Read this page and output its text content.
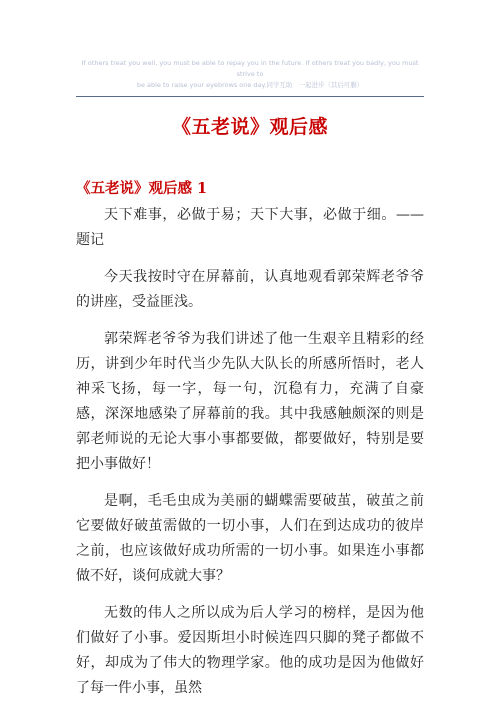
If others treat you well, you must be able to repay you in the future. If others treat you badly, you must strive to
be able to raise your eyebrows one day.同学互助　一起进步（其后可删）
《五老说》观后感
《五老说》观后感 1

天下难事，必做于易；天下大事，必做于细。——题记

今天我按时守在屏幕前，认真地观看郭荣辉老爷爷的讲座，受益匪浅。

郭荣辉老爷爷为我们讲述了他一生艰辛且精彩的经历，讲到少年时代当少先队大队长的所感所悟时，老人神采飞扬，每一字，每一句，沉稳有力，充满了自豪感，深深地感染了屏幕前的我。其中我感触颇深的则是郭老师说的无论大事小事都要做，都要做好，特别是要把小事做好！

是啊，毛毛虫成为美丽的蝴蝶需要破茧，破茧之前它要做好破茧需做的一切小事，人们在到达成功的彼岸之前，也应该做好成功所需的一切小事。如果连小事都做不好，谈何成就大事？

无数的伟人之所以成为后人学习的榜样，是因为他们做好了小事。爱因斯坦小时候连四只脚的凳子都做不好，却成为了伟大的物理学家。他的成功是因为他做好了每一件小事，虽然
